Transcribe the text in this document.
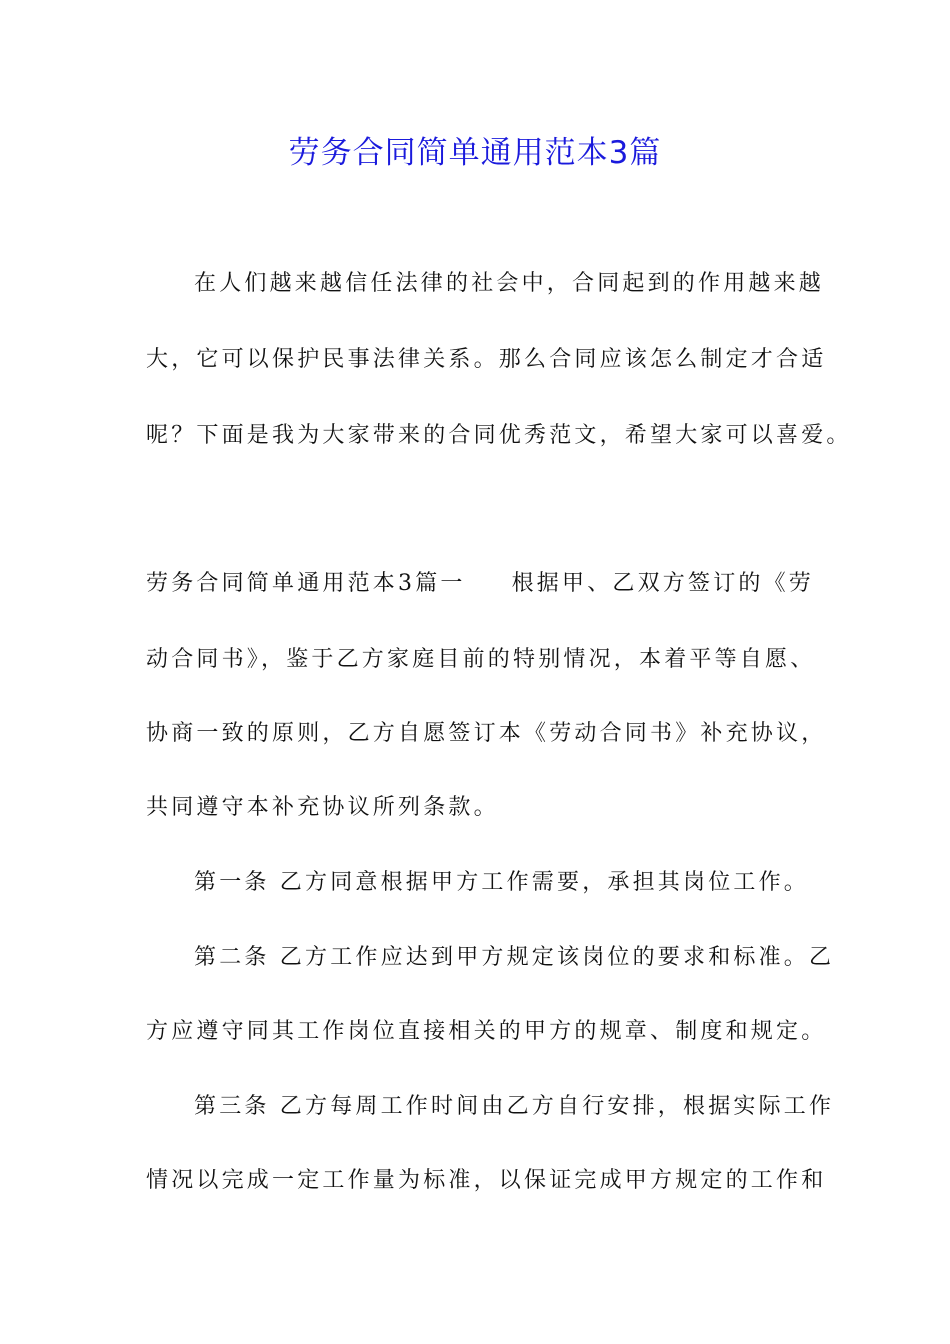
劳务合同简单通用范本3篇
在人们越来越信任法律的社会中，合同起到的作用越来越
大，它可以保护民事法律关系。那么合同应该怎么制定才合适
呢？下面是我为大家带来的合同优秀范文，希望大家可以喜爱。
劳务合同简单通用范本3篇一 根据甲、乙双方签订的《劳
动合同书》，鉴于乙方家庭目前的特别情况，本着平等自愿、
协商一致的原则，乙方自愿签订本《劳动合同书》补充协议，
共同遵守本补充协议所列条款。
第一条 乙方同意根据甲方工作需要，承担其岗位工作。
第二条 乙方工作应达到甲方规定该岗位的要求和标准。乙
方应遵守同其工作岗位直接相关的甲方的规章、制度和规定。
第三条 乙方每周工作时间由乙方自行安排，根据实际工作
情况以完成一定工作量为标准，以保证完成甲方规定的工作和
